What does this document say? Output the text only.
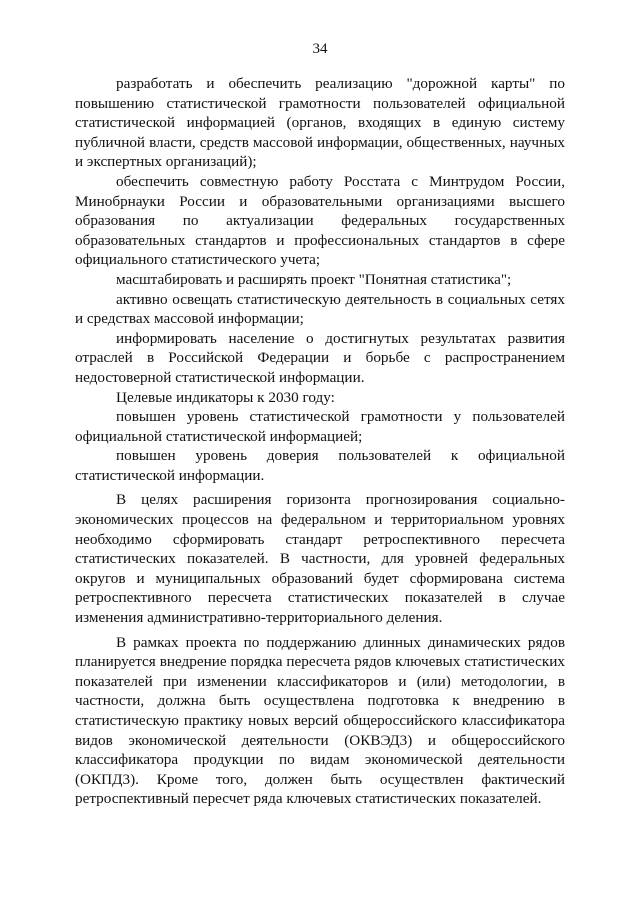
34

разработать и обеспечить реализацию "дорожной карты" по повышению статистической грамотности пользователей официальной статистической информацией (органов, входящих в единую систему публичной власти, средств массовой информации, общественных, научных и экспертных организаций);

обеспечить совместную работу Росстата с Минтрудом России, Минобрнауки России и образовательными организациями высшего образования по актуализации федеральных государственных образовательных стандартов и профессиональных стандартов в сфере официального статистического учета;

масштабировать и расширять проект "Понятная статистика";

активно освещать статистическую деятельность в социальных сетях и средствах массовой информации;

информировать население о достигнутых результатах развития отраслей в Российской Федерации и борьбе с распространением недостоверной статистической информации.

Целевые индикаторы к 2030 году:

повышен уровень статистической грамотности у пользователей официальной статистической информацией;

повышен уровень доверия пользователей к официальной статистической информации.

В целях расширения горизонта прогнозирования социально-экономических процессов на федеральном и территориальном уровнях необходимо сформировать стандарт ретроспективного пересчета статистических показателей. В частности, для уровней федеральных округов и муниципальных образований будет сформирована система ретроспективного пересчета статистических показателей в случае изменения административно-территориального деления.

В рамках проекта по поддержанию длинных динамических рядов планируется внедрение порядка пересчета рядов ключевых статистических показателей при изменении классификаторов и (или) методологии, в частности, должна быть осуществлена подготовка к внедрению в статистическую практику новых версий общероссийского классификатора видов экономической деятельности (ОКВЭД3) и общероссийского классификатора продукции по видам экономической деятельности (ОКПД3). Кроме того, должен быть осуществлен фактический ретроспективный пересчет ряда ключевых статистических показателей.
